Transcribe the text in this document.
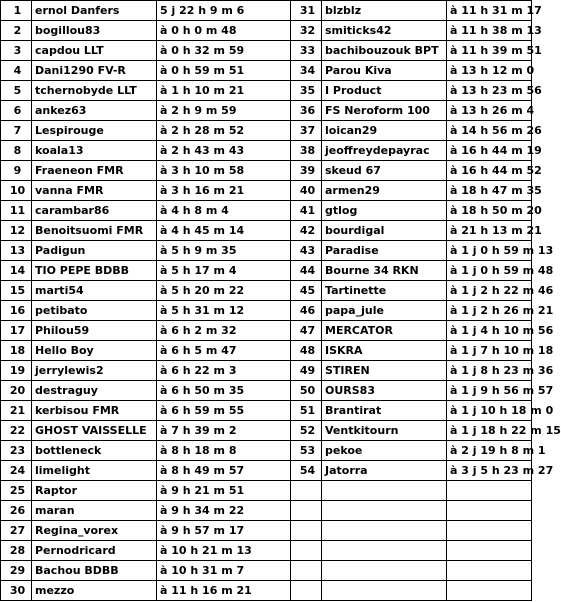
1	ernol Danfers	5 j 22 h 9 m 6	31	blzblz	à 11 h 31 m 17
2	bogillou83	à 0 h 0 m 48	32	smiticks42	à 11 h 38 m 13
3	capdou LLT	à 0 h 32 m 59	33	bachibouzouk BPT	à 11 h 39 m 51
4	Dani1290 FV-R	à 0 h 59 m 51	34	Parou Kiva	à 13 h 12 m 0
5	tchernobyde LLT	à 1 h 10 m 21	35	I Product	à 13 h 23 m 56
6	ankez63	à 2 h 9 m 59	36	FS Neroform 100	à 13 h 26 m 4
7	Lespirouge	à 2 h 28 m 52	37	loican29	à 14 h 56 m 26
8	koala13	à 2 h 43 m 43	38	jeoffreydepayrac	à 16 h 44 m 19
9	Fraeneon FMR	à 3 h 10 m 58	39	skeud 67	à 16 h 44 m 52
10	vanna FMR	à 3 h 16 m 21	40	armen29	à 18 h 47 m 35
11	carambar86	à 4 h 8 m 4	41	gtlog	à 18 h 50 m 20
12	Benoitsuomi FMR	à 4 h 45 m 14	42	bourdigal	à 21 h 13 m 21
13	Padigun	à 5 h 9 m 35	43	Paradise	à 1 j 0 h 59 m 13
14	TIO PEPE BDBB	à 5 h 17 m 4	44	Bourne 34 RKN	à 1 j 0 h 59 m 48
15	marti54	à 5 h 20 m 22	45	Tartinette	à 1 j 2 h 22 m 46
16	petibato	à 5 h 31 m 12	46	papa_jule	à 1 j 2 h 26 m 21
17	Philou59	à 6 h 2 m 32	47	MERCATOR	à 1 j 4 h 10 m 56
18	Hello Boy	à 6 h 5 m 47	48	ISKRA	à 1 j 7 h 10 m 18
19	jerrylewis2	à 6 h 22 m 3	49	STIREN	à 1 j 8 h 23 m 36
20	destraguy	à 6 h 50 m 35	50	OURS83	à 1 j 9 h 56 m 57
21	kerbisou FMR	à 6 h 59 m 55	51	Brantirat	à 1 j 10 h 18 m 0
22	GHOST VAISSELLE	à 7 h 39 m 2	52	Ventkitourn	à 1 j 18 h 22 m 15
23	bottleneck	à 8 h 18 m 8	53	pekoe	à 2 j 19 h 8 m 1
24	limelight	à 8 h 49 m 57	54	Jatorra	à 3 j 5 h 23 m 27
25	Raptor	à 9 h 21 m 51			
26	maran	à 9 h 34 m 22			
27	Regina_vorex	à 9 h 57 m 17			
28	Pernodricard	à 10 h 21 m 13			
29	Bachou BDBB	à 10 h 31 m 7			
30	mezzo	à 11 h 16 m 21			
